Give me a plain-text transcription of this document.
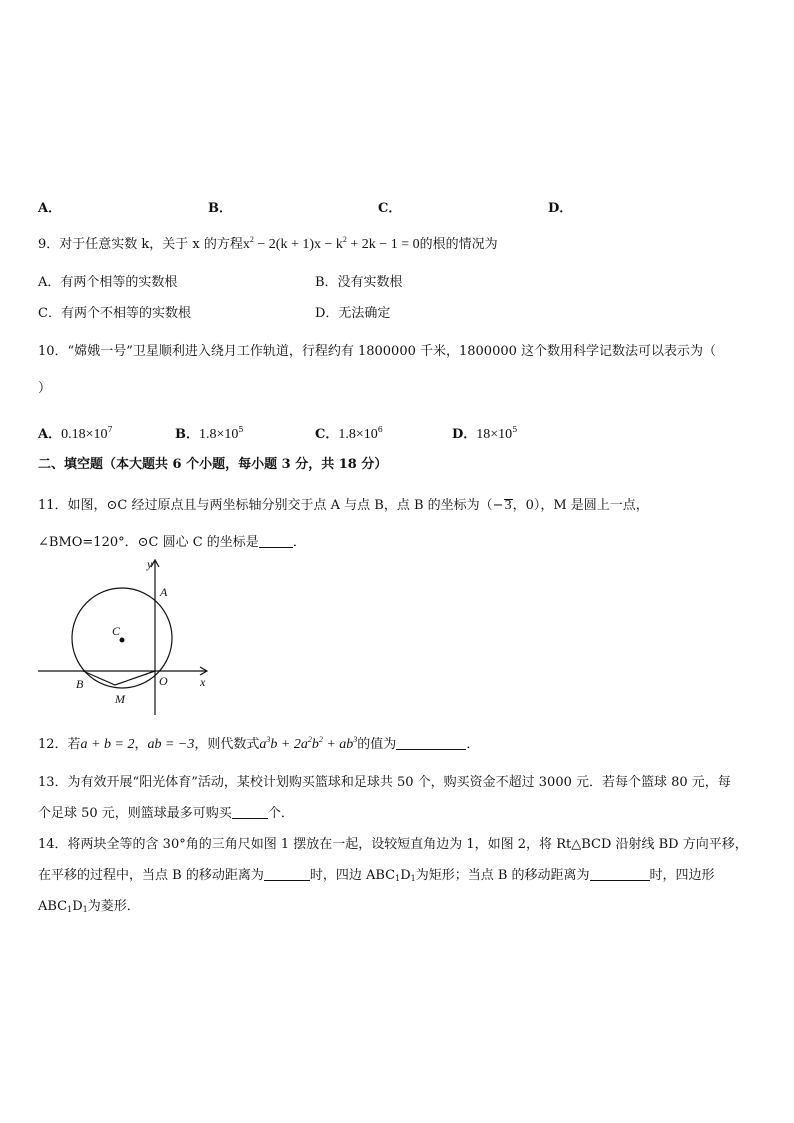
A．	B．	C．	D．
9．对于任意实数 k，关于 x 的方程$x^2 - 2(k + 1)x - k^2 + 2k - 1 = 0$的根的情况为
A．有两个相等的实数根	B．没有实数根
C．有两个不相等的实数根	D．无法确定
10．“嫦娥一号”卫星顺利进入绕月工作轨道，行程约有 1800000 千米，1800000 这个数用科学记数法可以表示为（
）
A．$0.18\times 10^7$	B．$1.8\times 10^5$	C．$1.8\times 10^6$	D．$18\times 10^5$
二、填空题（本大题共 6 个小题，每小题 3 分，共 18 分）
11．如图，⊙C 经过原点且与两坐标轴分别交于点 A 与点 B，点 B 的坐标为（−3，0），M 是圆上一点，
∠BMO=120°．⊙C 圆心 C 的坐标是	．
y
x
A
B
C
O
M
12．若a + b = 2，ab = −3，则代数式$a^3b + 2a^2b^2 + ab^3$的值为	．
13．为有效开展“阳光体育”活动，某校计划购买篮球和足球共 50 个，购买资金不超过 3000 元．若每个篮球 80 元，每
个足球 50 元，则篮球最多可购买	个．
14．将两块全等的含 30°角的三角尺如图 1 摆放在一起，设较短直角边为 1，如图 2，将 Rt△BCD 沿射线 BD 方向平移，
在平移的过程中，当点 B 的移动距离为	时，四边 $ABC_1D_1$为矩形；当点 B 的移动距离为	时，四边形
$ABC_1D_1$为菱形．
